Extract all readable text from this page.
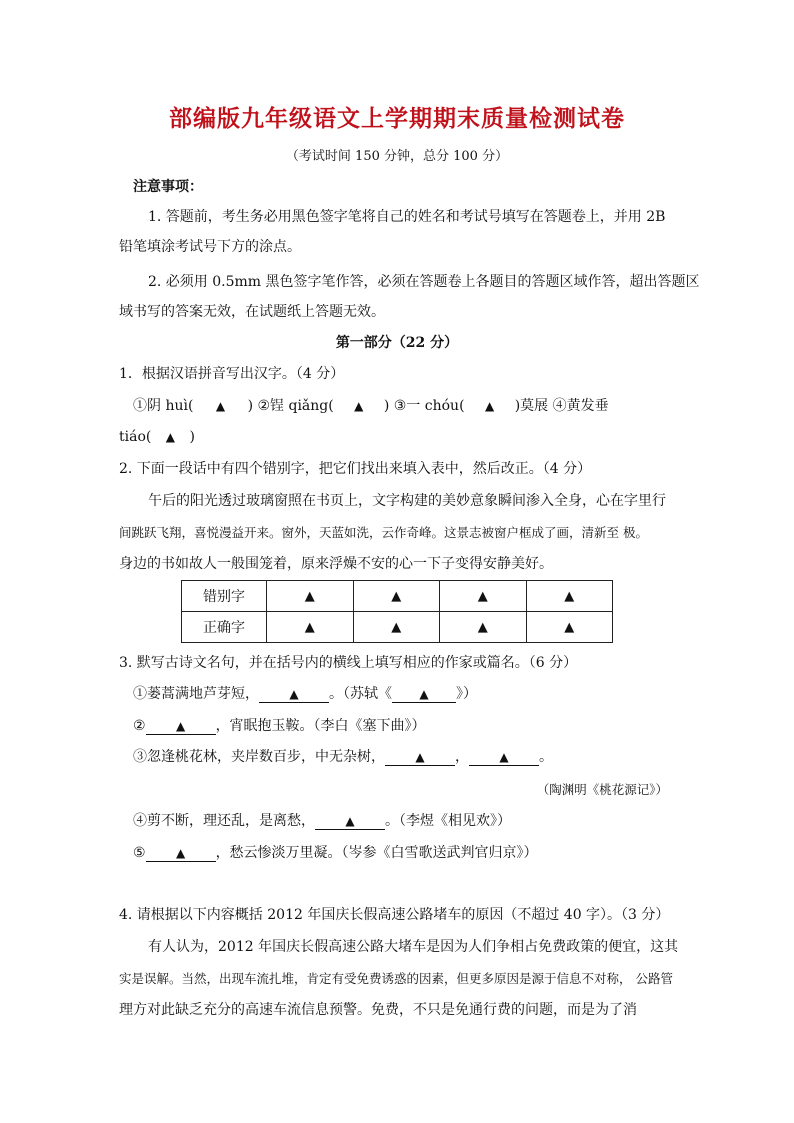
部编版九年级语文上学期期末质量检测试卷
（考试时间 150 分钟，总分 100 分）
注意事项：
1. 答题前，考生务必用黑色签字笔将自己的姓名和考试号填写在答题卷上，并用 2B
铅笔填涂考试号下方的涂点。
2. 必须用 0.5mm 黑色签字笔作答，必须在答题卷上各题目的答题区域作答，超出答题区
域书写的答案无效，在试题纸上答题无效。
第一部分（22 分）
1．根据汉语拼音写出汉字。（4 分）
①阴 huì( ▲ ) ②锃 qiǎng( ▲ ) ③一 chóu( ▲ )莫展 ④黄发垂
tiáo( ▲ )
2. 下面一段话中有四个错别字，把它们找出来填入表中，然后改正。（4 分）
午后的阳光透过玻璃窗照在书页上，文字构建的美妙意象瞬间渗入全身，心在字里行
间跳跃飞翔，喜悦漫益开来。窗外，天蓝如洗，云作奇峰。这景志被窗户框成了画，清新至 极。
身边的书如故人一般围笼着，原来浮燥不安的心一下子变得安静美好。
错别字	▲	▲	▲	▲
正确字	▲	▲	▲	▲
3. 默写古诗文名句，并在括号内的横线上填写相应的作家或篇名。（6 分）
①蒌蒿满地芦芽短，	▲ 。（苏轼《 ▲ 》）
②	▲ ，宵眠抱玉鞍。（李白《塞下曲》）
③忽逢桃花林，夹岸数百步，中无杂树，	▲ ，	▲ 。
（陶渊明《桃花源记》）
④剪不断，理还乱，是离愁，	▲ 。（李煜《相见欢》）
⑤	▲ ，愁云惨淡万里凝。（岑参《白雪歌送武判官归京》）
4. 请根据以下内容概括 2012 年国庆长假高速公路堵车的原因（不超过 40 字）。（3 分）
有人认为，2012 年国庆长假高速公路大堵车是因为人们争相占免费政策的便宜，这其
实是误解。当然，出现车流扎堆，肯定有受免费诱惑的因素，但更多原因是源于信息不对称， 公路管
理方对此缺乏充分的高速车流信息预警。免费，不只是免通行费的问题，而是为了消
